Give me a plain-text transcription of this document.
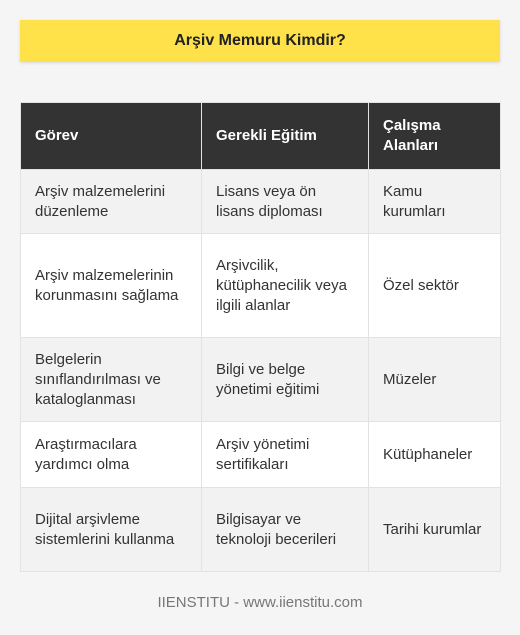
Arşiv Memuru Kimdir?
Görev	Gerekli Eğitim	Çalışma Alanları
Arşiv malzemelerini düzenleme	Lisans veya ön lisans diploması	Kamu kurumları
Arşiv malzemelerinin korunmasını sağlama	Arşivcilik, kütüphanecilik veya ilgili alanlar	Özel sektör
Belgelerin sınıflandırılması ve kataloglanması	Bilgi ve belge yönetimi eğitimi	Müzeler
Araştırmacılara yardımcı olma	Arşiv yönetimi sertifikaları	Kütüphaneler
Dijital arşivleme sistemlerini kullanma	Bilgisayar ve teknoloji becerileri	Tarihi kurumlar
IIENSTITU - www.iienstitu.com
